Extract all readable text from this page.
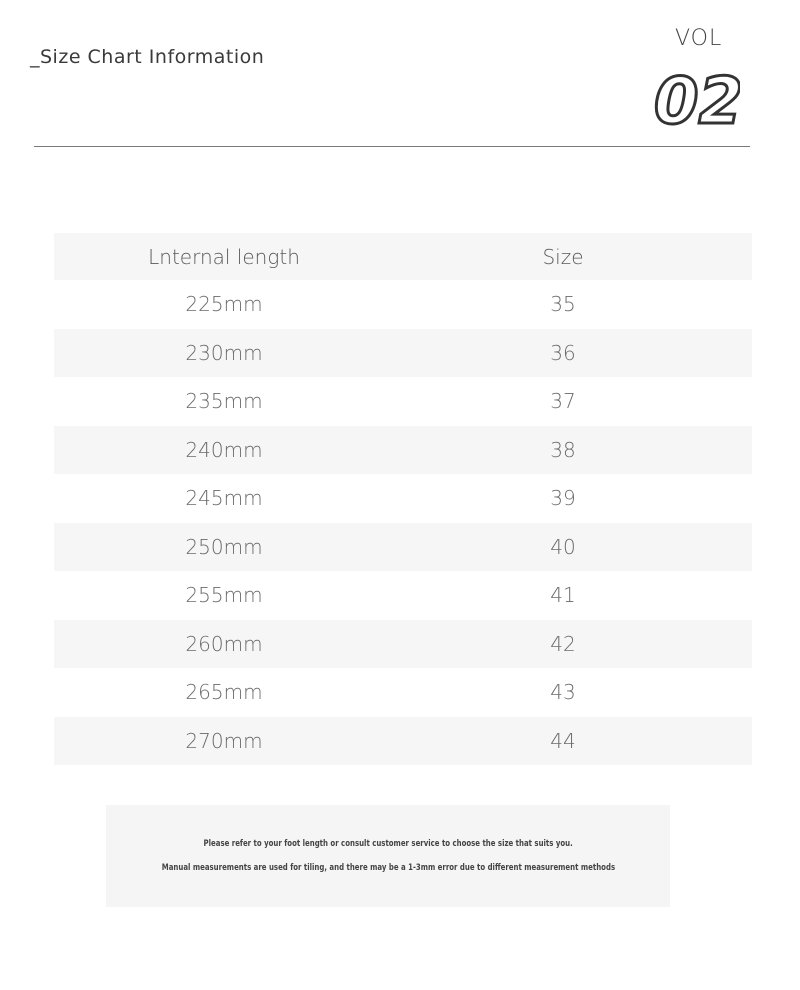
_Size Chart Information
VOL
02
Lnternal length	Size
225mm	35
230mm	36
235mm	37
240mm	38
245mm	39
250mm	40
255mm	41
260mm	42
265mm	43
270mm	44
Please refer to your foot length or consult customer service to choose the size that suits you.
Manual measurements are used for tiling, and there may be a 1-3mm error due to different measurement methods
